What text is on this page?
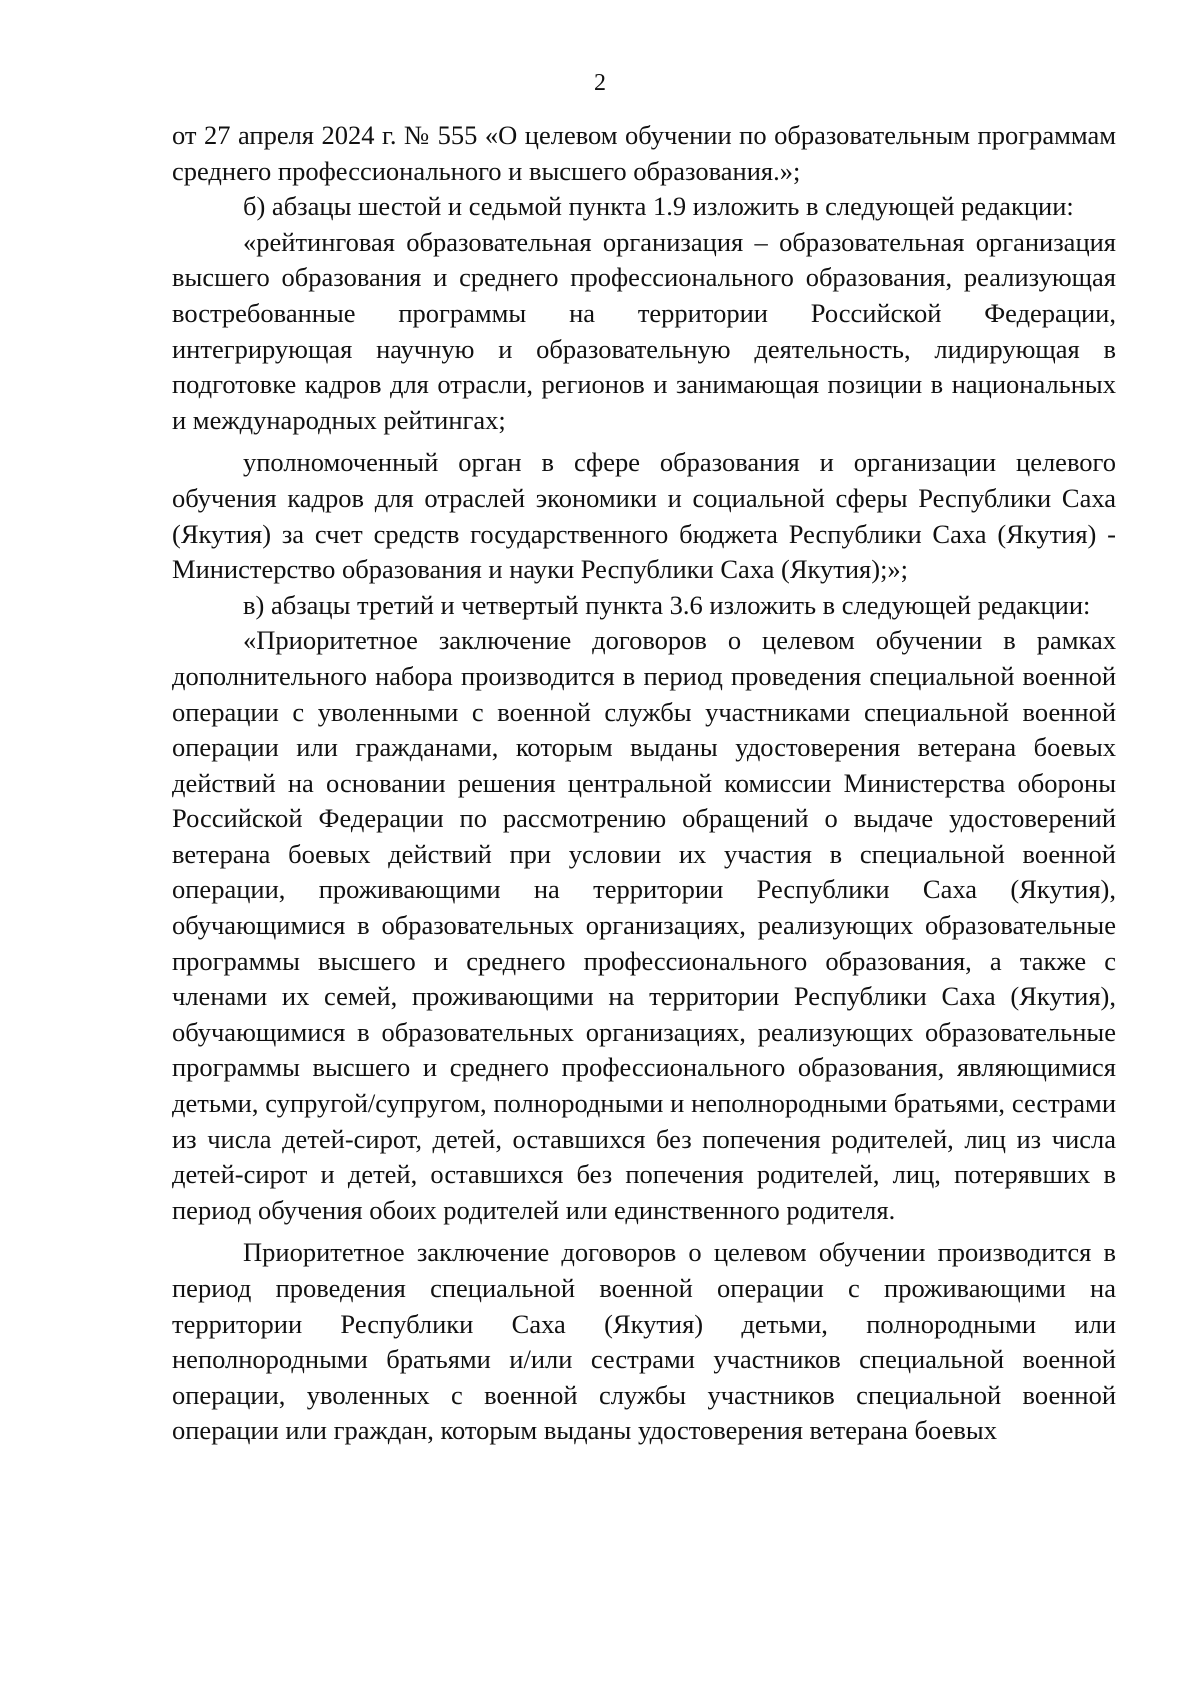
2

от 27 апреля 2024 г. № 555 «О целевом обучении по образовательным программам среднего профессионального и высшего образования.»;

б) абзацы шестой и седьмой пункта 1.9 изложить в следующей редакции:

«рейтинговая образовательная организация – образовательная организация высшего образования и среднего профессионального образования, реализующая востребованные программы на территории Российской Федерации, интегрирующая научную и образовательную деятельность, лидирующая в подготовке кадров для отрасли, регионов и занимающая позиции в национальных и международных рейтингах;

уполномоченный орган в сфере образования и организации целевого обучения кадров для отраслей экономики и социальной сферы Республики Саха (Якутия) за счет средств государственного бюджета Республики Саха (Якутия) - Министерство образования и науки Республики Саха (Якутия);»;

в) абзацы третий и четвертый пункта 3.6 изложить в следующей редакции:

«Приоритетное заключение договоров о целевом обучении в рамках дополнительного набора производится в период проведения специальной военной операции с уволенными с военной службы участниками специальной военной операции или гражданами, которым выданы удостоверения ветерана боевых действий на основании решения центральной комиссии Министерства обороны Российской Федерации по рассмотрению обращений о выдаче удостоверений ветерана боевых действий при условии их участия в специальной военной операции, проживающими на территории Республики Саха (Якутия), обучающимися в образовательных организациях, реализующих образовательные программы высшего и среднего профессионального образования, а также с членами их семей, проживающими на территории Республики Саха (Якутия), обучающимися в образовательных организациях, реализующих образовательные программы высшего и среднего профессионального образования, являющимися детьми, супругой/супругом, полнородными и неполнородными братьями, сестрами из числа детей-сирот, детей, оставшихся без попечения родителей, лиц из числа детей-сирот и детей, оставшихся без попечения родителей, лиц, потерявших в период обучения обоих родителей или единственного родителя.

Приоритетное заключение договоров о целевом обучении производится в период проведения специальной военной операции с проживающими на территории Республики Саха (Якутия) детьми, полнородными или неполнородными братьями и/или сестрами участников специальной военной операции, уволенных с военной службы участников специальной военной операции или граждан, которым выданы удостоверения ветерана боевых
